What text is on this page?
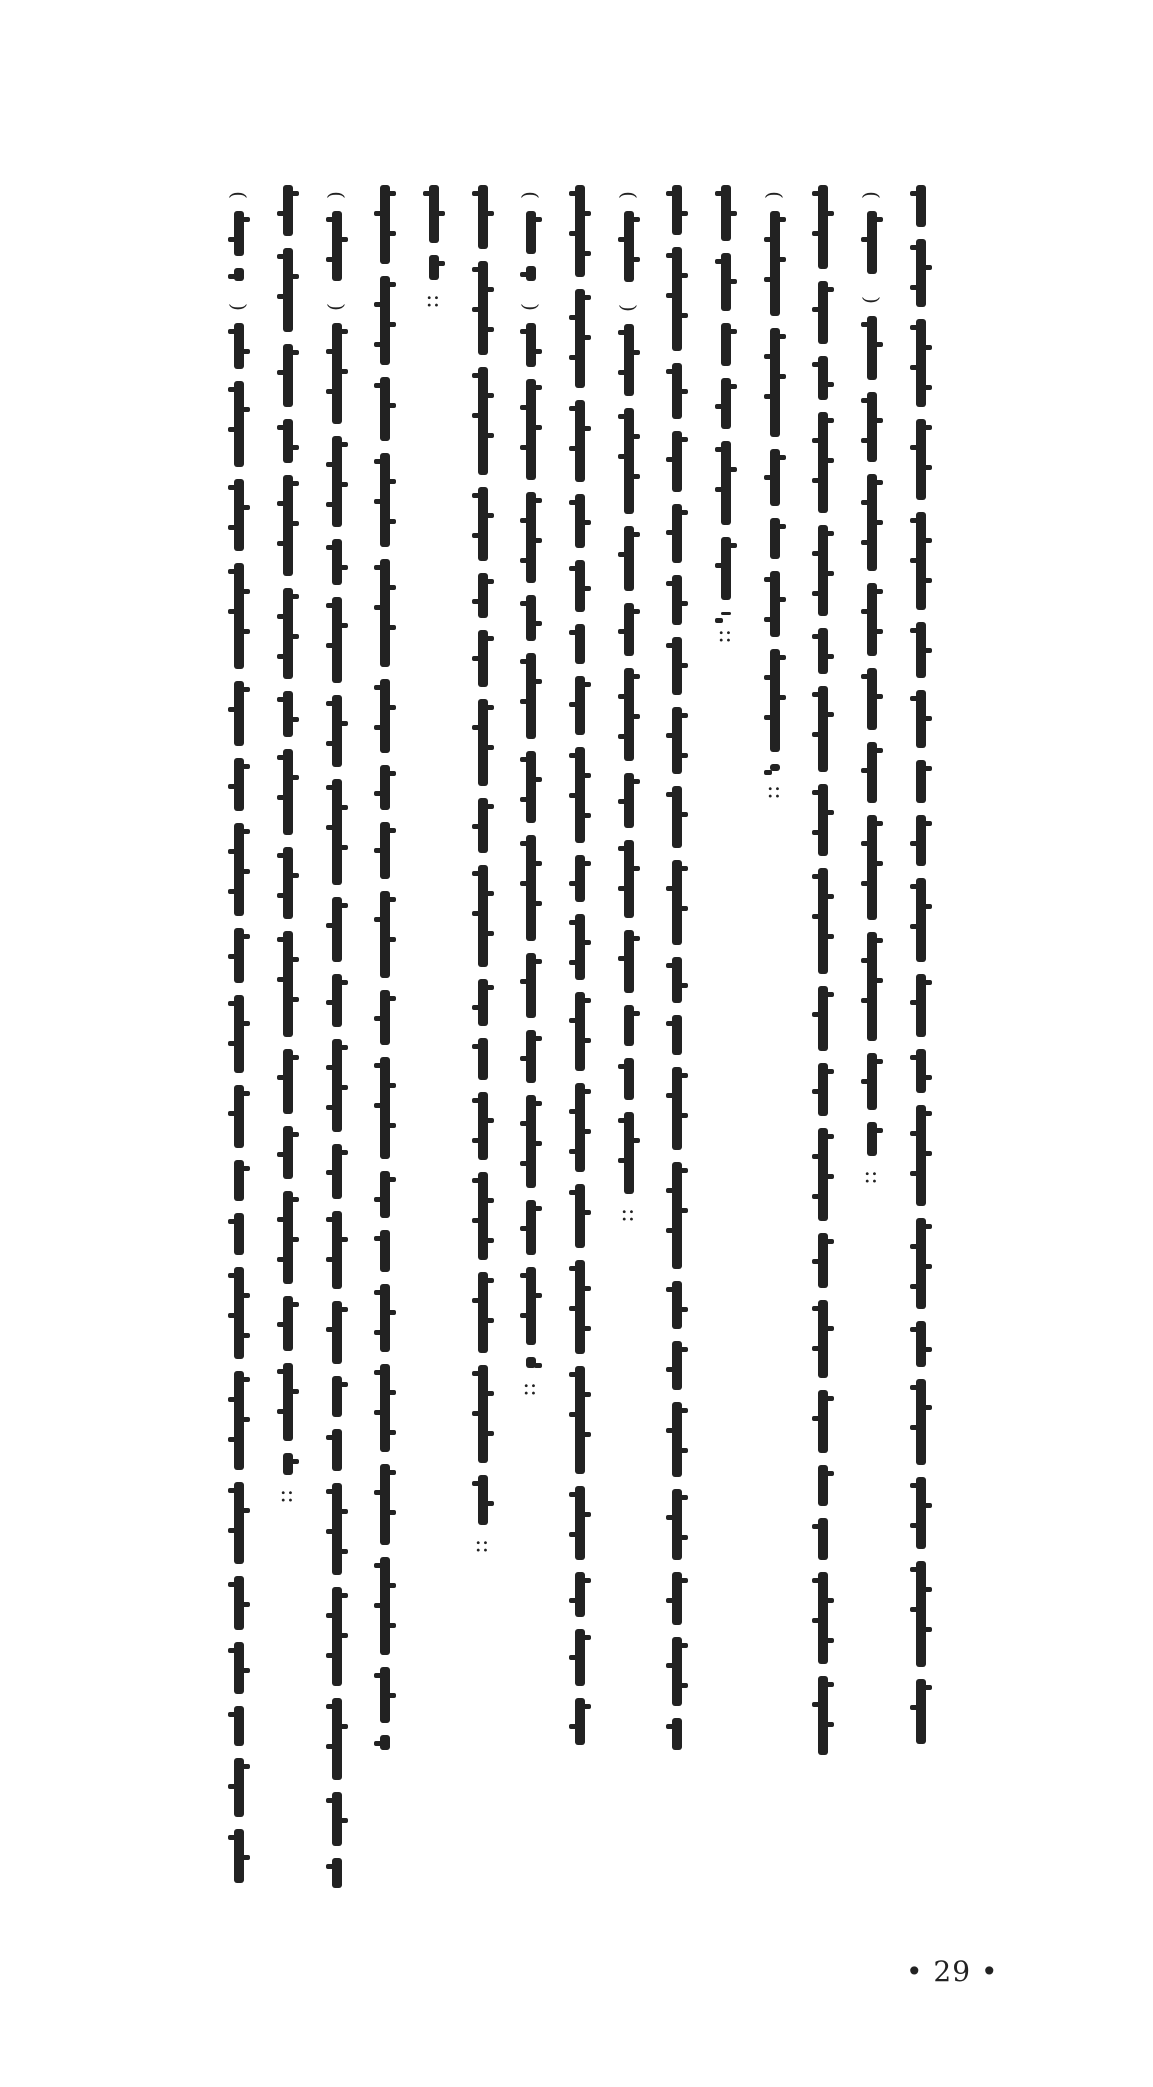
(
)
::
(
::
::
(
)
::
(
)
::
::
::
(
)
::
(
)
• 29 •
